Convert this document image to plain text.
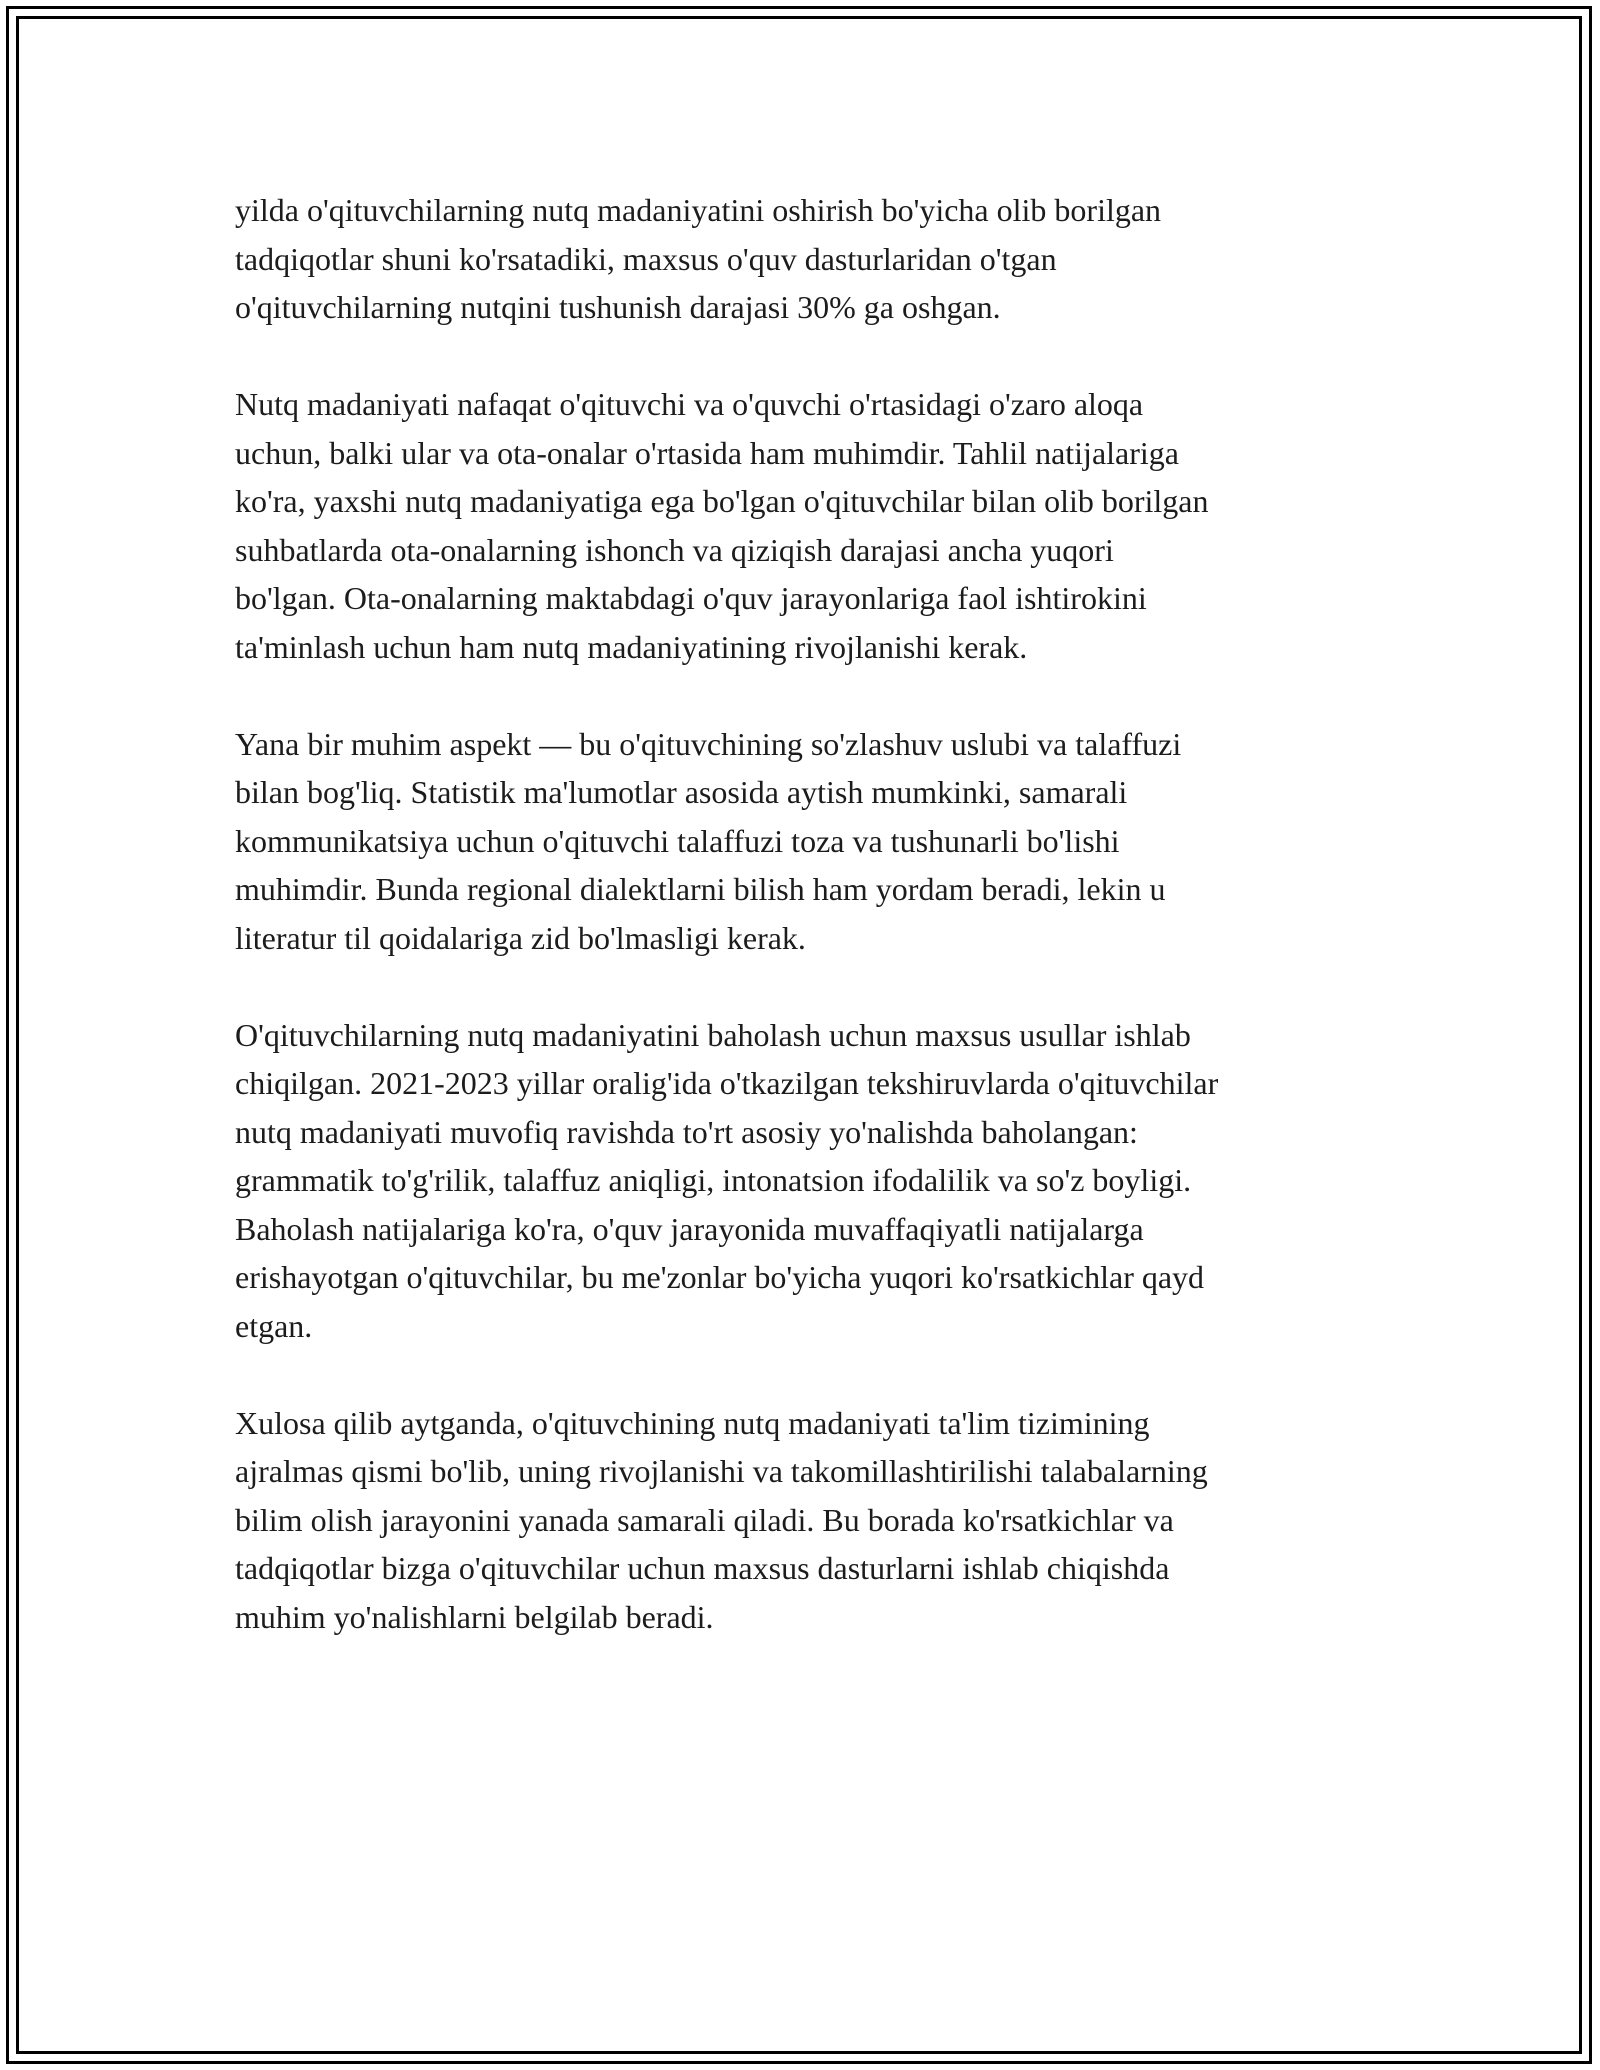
yilda o'qituvchilarning nutq madaniyatini oshirish bo'yicha olib borilgan
tadqiqotlar shuni ko'rsatadiki, maxsus o'quv dasturlaridan o'tgan
o'qituvchilarning nutqini tushunish darajasi 30% ga oshgan.

Nutq madaniyati nafaqat o'qituvchi va o'quvchi o'rtasidagi o'zaro aloqa
uchun, balki ular va ota-onalar o'rtasida ham muhimdir. Tahlil natijalariga
ko'ra, yaxshi nutq madaniyatiga ega bo'lgan o'qituvchilar bilan olib borilgan
suhbatlarda ota-onalarning ishonch va qiziqish darajasi ancha yuqori
bo'lgan. Ota-onalarning maktabdagi o'quv jarayonlariga faol ishtirokini
ta'minlash uchun ham nutq madaniyatining rivojlanishi kerak.

Yana bir muhim aspekt — bu o'qituvchining so'zlashuv uslubi va talaffuzi
bilan bog'liq. Statistik ma'lumotlar asosida aytish mumkinki, samarali
kommunikatsiya uchun o'qituvchi talaffuzi toza va tushunarli bo'lishi
muhimdir. Bunda regional dialektlarni bilish ham yordam beradi, lekin u
literatur til qoidalariga zid bo'lmasligi kerak.

O'qituvchilarning nutq madaniyatini baholash uchun maxsus usullar ishlab
chiqilgan. 2021-2023 yillar oralig'ida o'tkazilgan tekshiruvlarda o'qituvchilar
nutq madaniyati muvofiq ravishda to'rt asosiy yo'nalishda baholangan:
grammatik to'g'rilik, talaffuz aniqligi, intonatsion ifodalilik va so'z boyligi.
Baholash natijalariga ko'ra, o'quv jarayonida muvaffaqiyatli natijalarga
erishayotgan o'qituvchilar, bu me'zonlar bo'yicha yuqori ko'rsatkichlar qayd
etgan.

Xulosa qilib aytganda, o'qituvchining nutq madaniyati ta'lim tizimining
ajralmas qismi bo'lib, uning rivojlanishi va takomillashtirilishi talabalarning
bilim olish jarayonini yanada samarali qiladi. Bu borada ko'rsatkichlar va
tadqiqotlar bizga o'qituvchilar uchun maxsus dasturlarni ishlab chiqishda
muhim yo'nalishlarni belgilab beradi.
